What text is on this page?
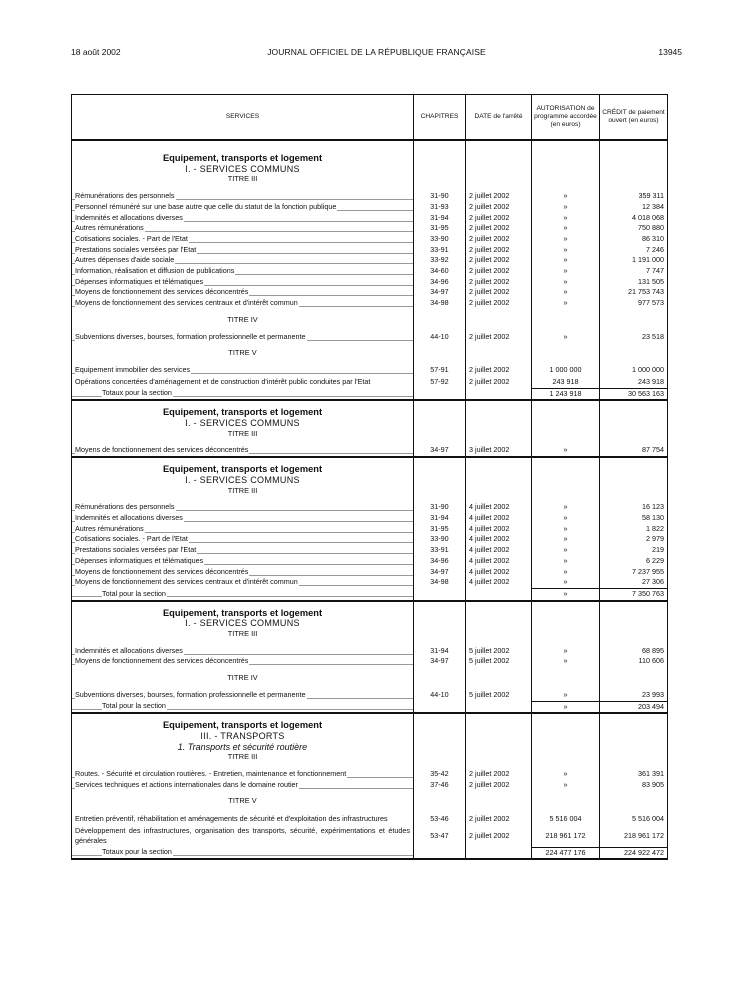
18 août 2002	JOURNAL OFFICIEL DE LA RÉPUBLIQUE FRANÇAISE	13945
SERVICES	CHAPITRES	DATE de l'arrêté	AUTORISATION de programme accordée (en euros)	CRÉDIT de paiement ouvert (en euros)

Equipement, transports et logement				
I. - SERVICES COMMUNS				
TITRE III				

Rémunérations des personnels	31-90	2 juillet 2002	»	359 311
Personnel rémunéré sur une base autre que celle du statut de la fonction publique	31-93	2 juillet 2002	»	12 384
Indemnités et allocations diverses	31-94	2 juillet 2002	»	4 018 068
Autres rémunérations	31-95	2 juillet 2002	»	750 880
Cotisations sociales. - Part de l'Etat	33-90	2 juillet 2002	»	86 310
Prestations sociales versées par l'Etat	33-91	2 juillet 2002	»	7 246
Autres dépenses d'aide sociale	33-92	2 juillet 2002	»	1 191 000
Information, réalisation et diffusion de publications	34-60	2 juillet 2002	»	7 747
Dépenses informatiques et télématiques	34-96	2 juillet 2002	»	131 505
Moyens de fonctionnement des services déconcentrés	34-97	2 juillet 2002	»	21 753 743
Moyens de fonctionnement des services centraux et d'intérêt commun	34-98	2 juillet 2002	»	977 573

TITRE IV				

Subventions diverses, bourses, formation professionnelle et permanente	44-10	2 juillet 2002	»	23 518

TITRE V				

Equipement immobilier des services	57-91	2 juillet 2002	1 000 000	1 000 000
Opérations concertées d'aménagement et de construction d'intérêt public conduites par l'Etat	57-92	2 juillet 2002	243 918	243 918
Totaux pour la section			1 243 918	30 563 163

Equipement, transports et logement				
I. - SERVICES COMMUNS				
TITRE III				

Moyens de fonctionnement des services déconcentrés	34-97	3 juillet 2002	»	87 754

Equipement, transports et logement				
I. - SERVICES COMMUNS				
TITRE III				

Rémunérations des personnels	31-90	4 juillet 2002	»	16 123
Indemnités et allocations diverses	31-94	4 juillet 2002	»	58 130
Autres rémunérations	31-95	4 juillet 2002	»	1 822
Cotisations sociales. - Part de l'Etat	33-90	4 juillet 2002	»	2 979
Prestations sociales versées par l'Etat	33-91	4 juillet 2002	»	219
Dépenses informatiques et télématiques	34-96	4 juillet 2002	»	6 229
Moyens de fonctionnement des services déconcentrés	34-97	4 juillet 2002	»	7 237 955
Moyens de fonctionnement des services centraux et d'intérêt commun	34-98	4 juillet 2002	»	27 306
Total pour la section			»	7 350 763

Equipement, transports et logement				
I. - SERVICES COMMUNS				
TITRE III				

Indemnités et allocations diverses	31-94	5 juillet 2002	»	68 895
Moyens de fonctionnement des services déconcentrés	34-97	5 juillet 2002	»	110 606

TITRE IV				

Subventions diverses, bourses, formation professionnelle et permanente	44-10	5 juillet 2002	»	23 993
Total pour la section			»	203 494

Equipement, transports et logement				
III. - TRANSPORTS				
1. Transports et sécurité routière				
TITRE III				

Routes. - Sécurité et circulation routières. - Entretien, maintenance et fonctionnement	35-42	2 juillet 2002	»	361 391
Services techniques et actions internationales dans le domaine routier	37-46	2 juillet 2002	»	83 905

TITRE V				

Entretien préventif, réhabilitation et aménagements de sécurité et d'exploitation des infrastructures	53-46	2 juillet 2002	5 516 004	5 516 004
Développement des infrastructures, organisation des transports, sécurité, expérimentations et études générales	53-47	2 juillet 2002	218 961 172	218 961 172
Totaux pour la section			224 477 176	224 922 472
